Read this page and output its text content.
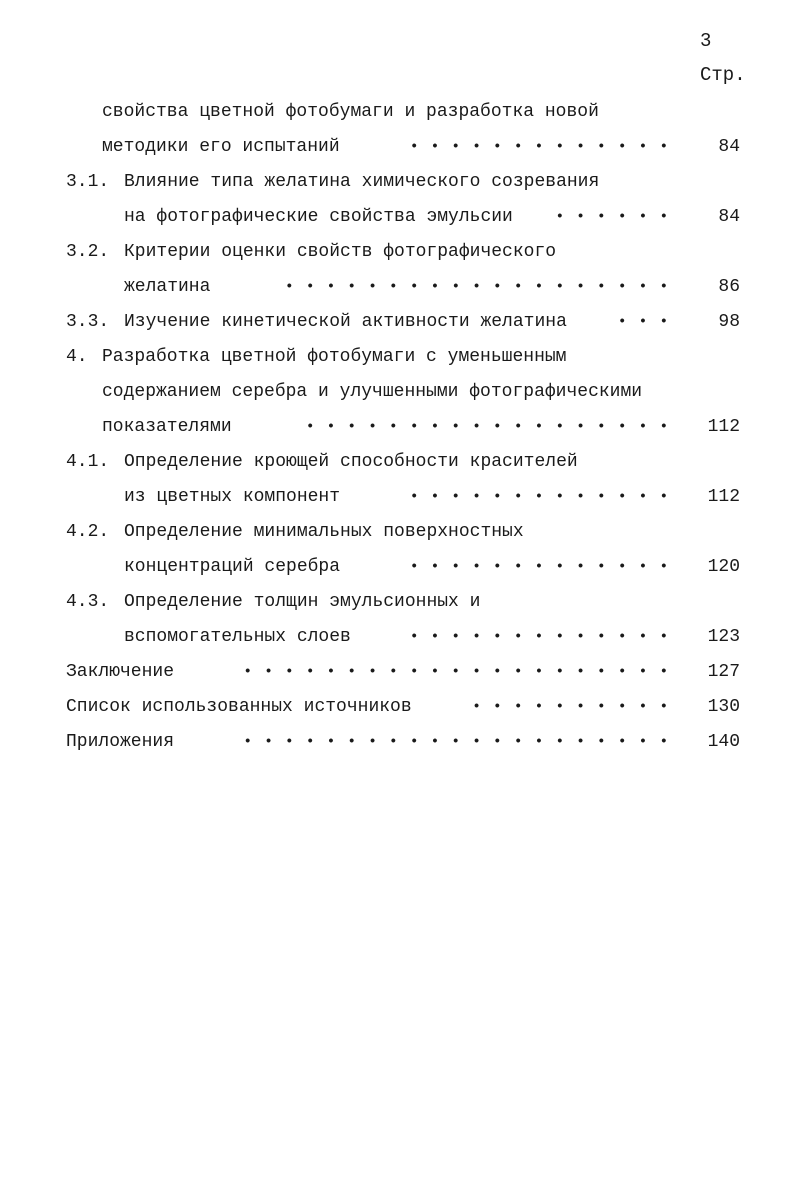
3
Стр.
свойства цветной фотобумаги и разработка новой
методики его испытаний	• • • • • • • • • • • • •	84
3.1. Влияние типа желатина химического созревания
на фотографические свойства эмульсии	• • • • • •	84
3.2. Критерии оценки свойств фотографического
желатина	• • • • • • • • • • • • • • • • • • •	86
3.3. Изучение кинетической активности желатина	• • •	98
4. Разработка цветной фотобумаги с уменьшенным
содержанием серебра и улучшенными фотографическими
показателями	• • • • • • • • • • • • • • • • • •	112
4.1. Определение кроющей способности красителей
из цветных компонент	• • • • • • • • • • • • •	112
4.2. Определение минимальных поверхностных
концентраций серебра	• • • • • • • • • • • • •	120
4.3. Определение толщин эмульсионных и
вспомогательных слоев	• • • • • • • • • • • • •	123
Заключение	• • • • • • • • • • • • • • • • • • • • •	127
Список использованных источников	• • • • • • • • • •	130
Приложения	• • • • • • • • • • • • • • • • • • • • •	140
